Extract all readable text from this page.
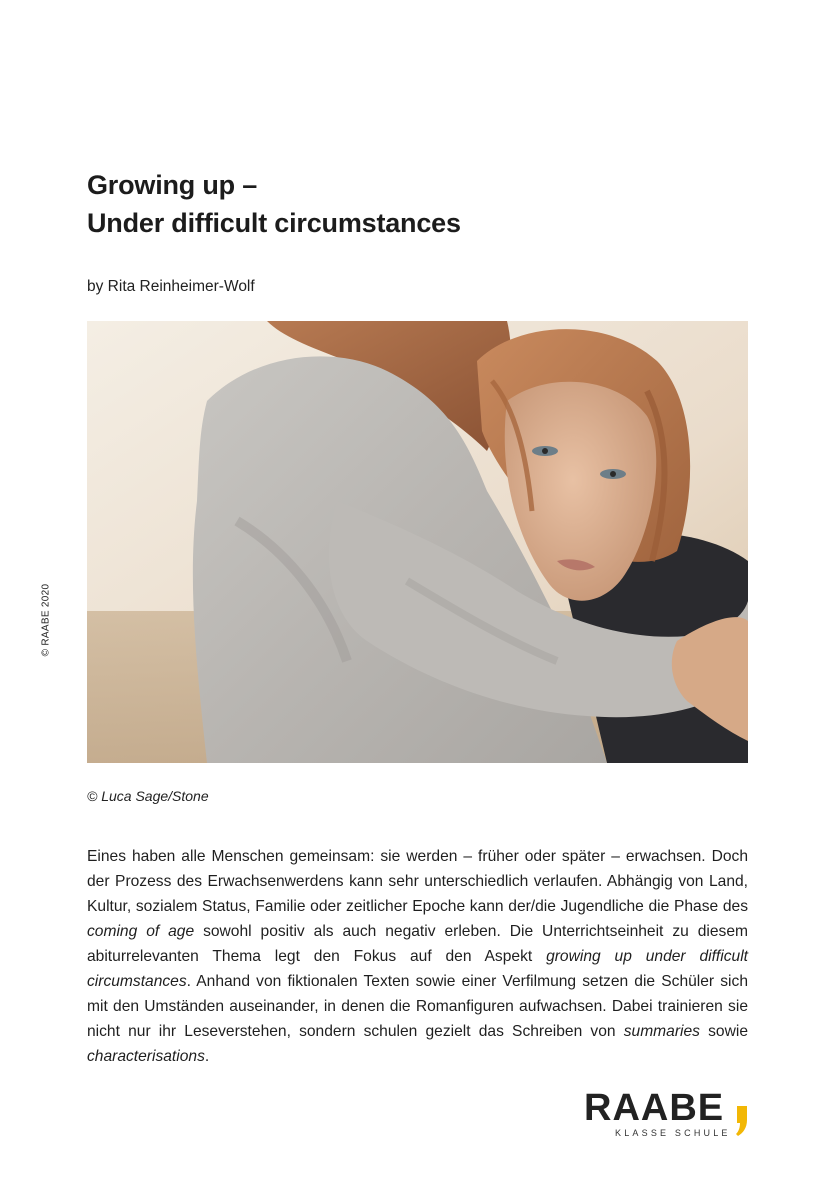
Growing up –
Under difficult circumstances
by Rita Reinheimer-Wolf
© Luca Sage/Stone
© RAABE 2020

Eines haben alle Menschen gemeinsam: sie werden – früher oder später – erwachsen. Doch der Prozess des Erwachsenwerdens kann sehr unterschiedlich verlaufen. Abhängig von Land, Kultur, sozialem Status, Familie oder zeitlicher Epoche kann der/die Jugendliche die Phase des coming of age sowohl positiv als auch negativ erleben. Die Unterrichtseinheit zu diesem abiturrelevanten Thema legt den Fokus auf den Aspekt growing up under difficult circumstances. Anhand von fiktionalen Texten sowie einer Verfilmung setzen die Schüler sich mit den Umständen auseinander, in denen die Romanfiguren aufwachsen. Dabei trainieren sie nicht nur ihr Leseverstehen, sondern schulen gezielt das Schreiben von summaries sowie characterisations.

RAABE
KLASSE SCHULE
